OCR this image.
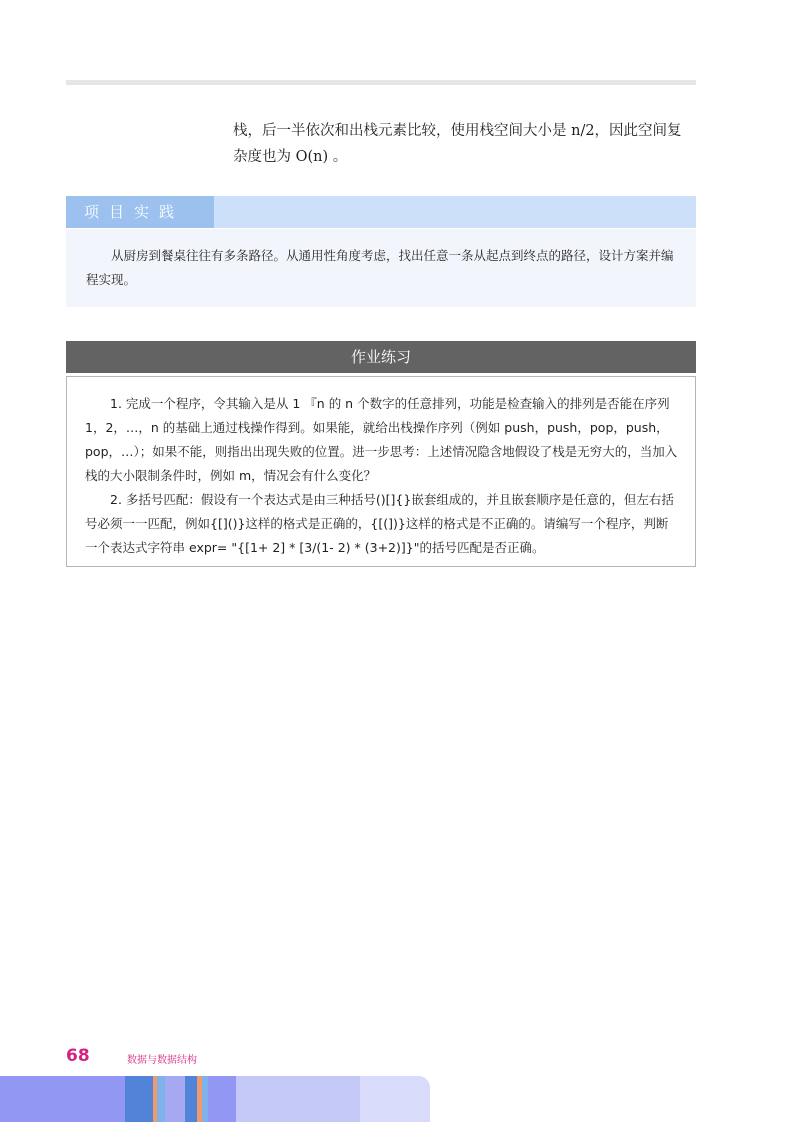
栈，后一半依次和出栈元素比较，使用栈空间大小是 n/2，因此空间复杂度也为 O(n) 。
项目实践
从厨房到餐桌往往有多条路径。从通用性角度考虑，找出任意一条从起点到终点的路径，设计方案并编程实现。
作业练习

1. 完成一个程序，令其输入是从 1 『n 的 n 个数字的任意排列，功能是检查输入的排列是否能在序列 1，2，…，n 的基础上通过栈操作得到。如果能，就给出栈操作序列（例如 push，push，pop，push，pop，…）；如果不能，则指出出现失败的位置。进一步思考：上述情况隐含地假设了栈是无穷大的，当加入栈的大小限制条件时，例如 m，情况会有什么变化？

2. 多括号匹配：假设有一个表达式是由三种括号()[]{}嵌套组成的，并且嵌套顺序是任意的，但左右括号必须一一匹配，例如{[]()}这样的格式是正确的，{[(])}这样的格式是不正确的。请编写一个程序，判断一个表达式字符串 expr= "{[1+ 2] * [3/(1- 2) * (3+2)]}"的括号匹配是否正确。

68	数据与数据结构
